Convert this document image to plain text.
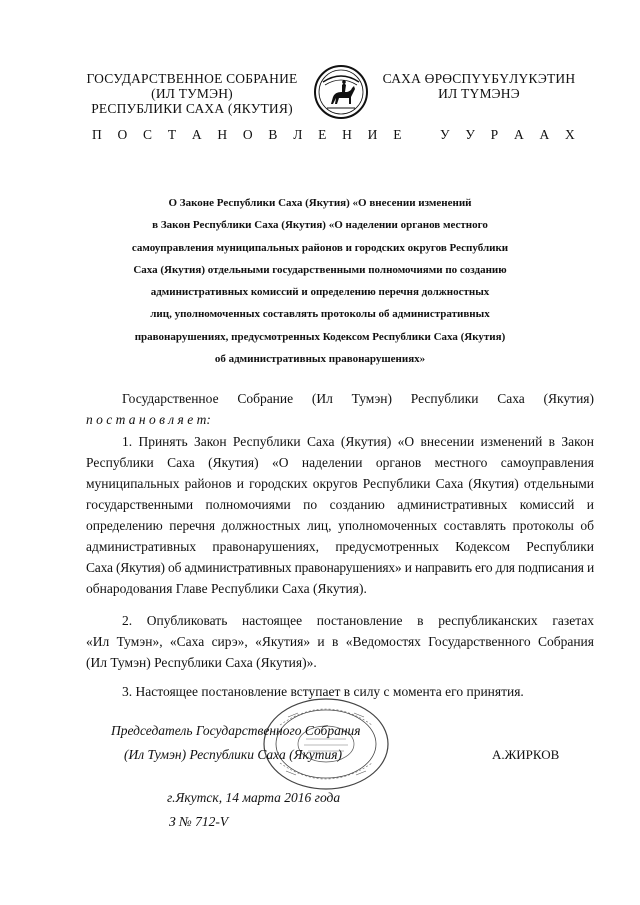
ГОСУДАРСТВЕННОЕ СОБРАНИЕ
(ИЛ ТУМЭН)
РЕСПУБЛИКИ САХА (ЯКУТИЯ)
САХА ӨРӨСПҮҮБҮЛҮКЭТИН
ИЛ ТҮМЭНЭ
П О С Т А Н О В Л Е Н И Е У У Р А А Х
О Законе Республики Саха (Якутия) «О внесении изменений
в Закон Республики Саха (Якутия) «О наделении органов местного
самоуправления муниципальных районов и городских округов Республики
Саха (Якутия) отдельными государственными полномочиями по созданию
административных комиссий и определению перечня должностных
лиц, уполномоченных составлять протоколы об административных
правонарушениях, предусмотренных Кодексом Республики Саха (Якутия)
об административных правонарушениях»
Государственное Собрание (Ил Тумэн) Республики Саха (Якутия)
п о с т а н о в л я е т:
1. Принять Закон Республики Саха (Якутия) «О внесении изменений в Закон
Республики Саха (Якутия) «О наделении органов местного самоуправления
муниципальных районов и городских округов Республики Саха (Якутия) отдельными
государственными полномочиями по созданию административных комиссий и
определению перечня должностных лиц, уполномоченных составлять протоколы об
административных правонарушениях, предусмотренных Кодексом Республики
Саха (Якутия) об административных правонарушениях» и направить его для подписания и
обнародования Главе Республики Саха (Якутия).
2. Опубликовать настоящее постановление в республиканских газетах
«Ил Тумэн», «Саха сирэ», «Якутия» и в «Ведомостях Государственного Собрания
(Ил Тумэн) Республики Саха (Якутия)».
3. Настоящее постановление вступает в силу с момента его принятия.
Председатель Государственного Собрания
(Ил Тумэн) Республики Саха (Якутия)	А.ЖИРКОВ
г.Якутск, 14 марта 2016 года
З № 712-V
